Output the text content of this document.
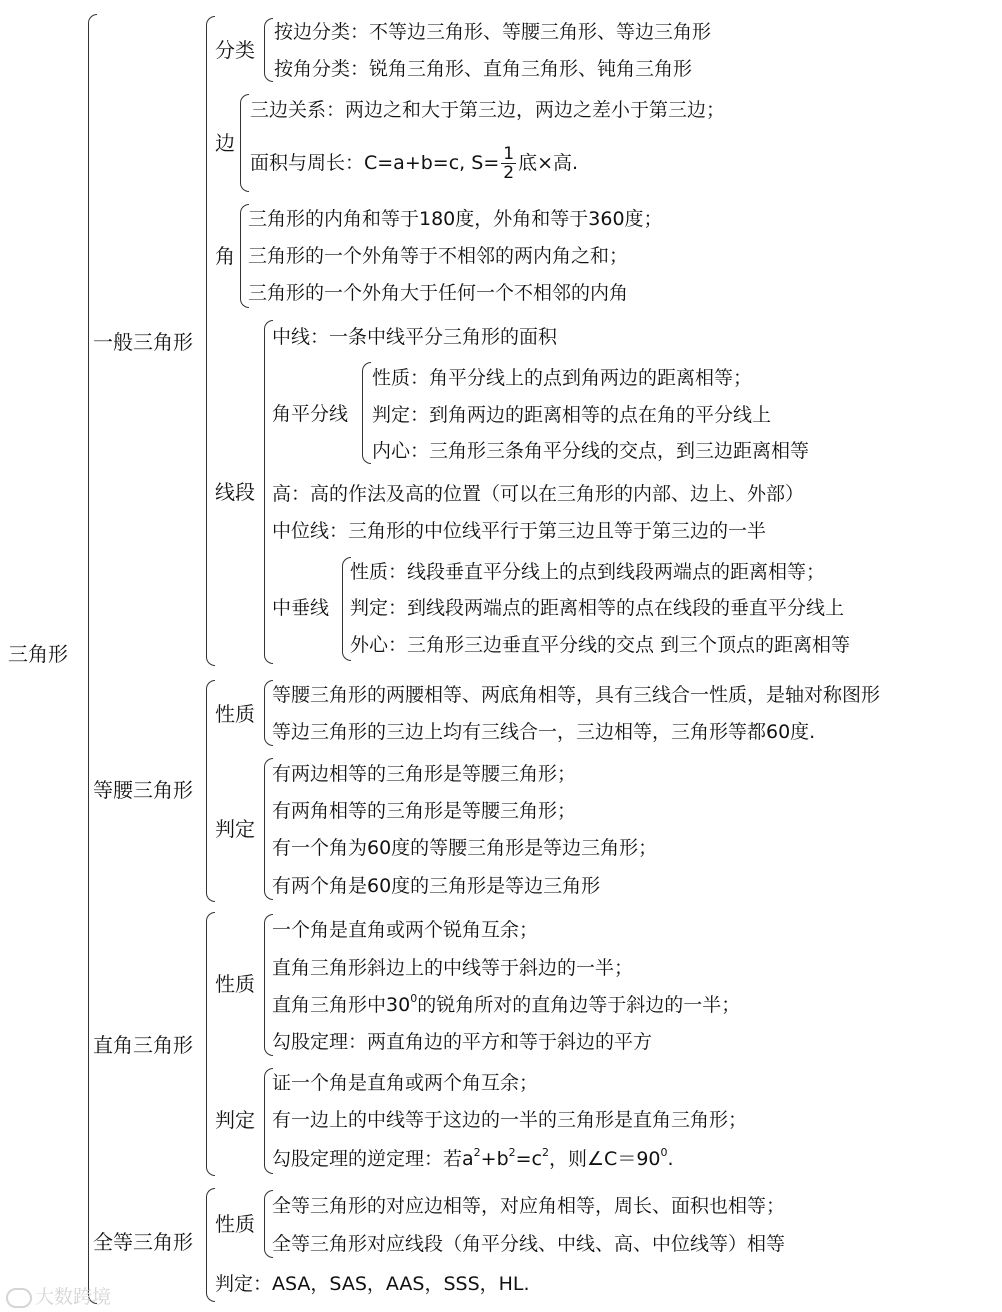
三角形
一般三角形
分类
按边分类：不等边三角形、等腰三角形、等边三角形
按角分类：锐角三角形、直角三角形、钝角三角形
边
三边关系：两边之和大于第三边，两边之差小于第三边；
面积与周长：C=a+b=c, $S= \frac{1}{2}$ 底×高.
角
三角形的内角和等于180度，外角和等于360度；
三角形的一个外角等于不相邻的两内角之和；
三角形的一个外角大于任何一个不相邻的内角
线段
中线：一条中线平分三角形的面积
角平分线
性质：角平分线上的点到角两边的距离相等；
判定：到角两边的距离相等的点在角的平分线上
内心：三角形三条角平分线的交点，到三边距离相等
高：高的作法及高的位置（可以在三角形的内部、边上、外部）
中位线：三角形的中位线平行于第三边且等于第三边的一半
中垂线
性质：线段垂直平分线上的点到线段两端点的距离相等；
判定：到线段两端点的距离相等的点在线段的垂直平分线上
外心：三角形三边垂直平分线的交点 到三个顶点的距离相等
等腰三角形
性质
等腰三角形的两腰相等、两底角相等，具有三线合一性质，是轴对称图形
等边三角形的三边上均有三线合一，三边相等，三角形等都60度.
判定
有两边相等的三角形是等腰三角形；
有两角相等的三角形是等腰三角形；
有一个角为60度的等腰三角形是等边三角形；
有两个角是60度的三角形是等边三角形
直角三角形
性质
一个角是直角或两个锐角互余；
直角三角形斜边上的中线等于斜边的一半；
直角三角形中$30^0$的锐角所对的直角边等于斜边的一半；
勾股定理：两直角边的平方和等于斜边的平方
判定
证一个角是直角或两个角互余；
有一边上的中线等于这边的一半的三角形是直角三角形；
勾股定理的逆定理：若$a^2+b^2=c^2$，则$\angle C=90^0$.
全等三角形
性质
全等三角形的对应边相等，对应角相等，周长、面积也相等；
全等三角形对应线段（角平分线、中线、高、中位线等）相等
判定：ASA，SAS，AAS，SSS，HL.
大数跨境
